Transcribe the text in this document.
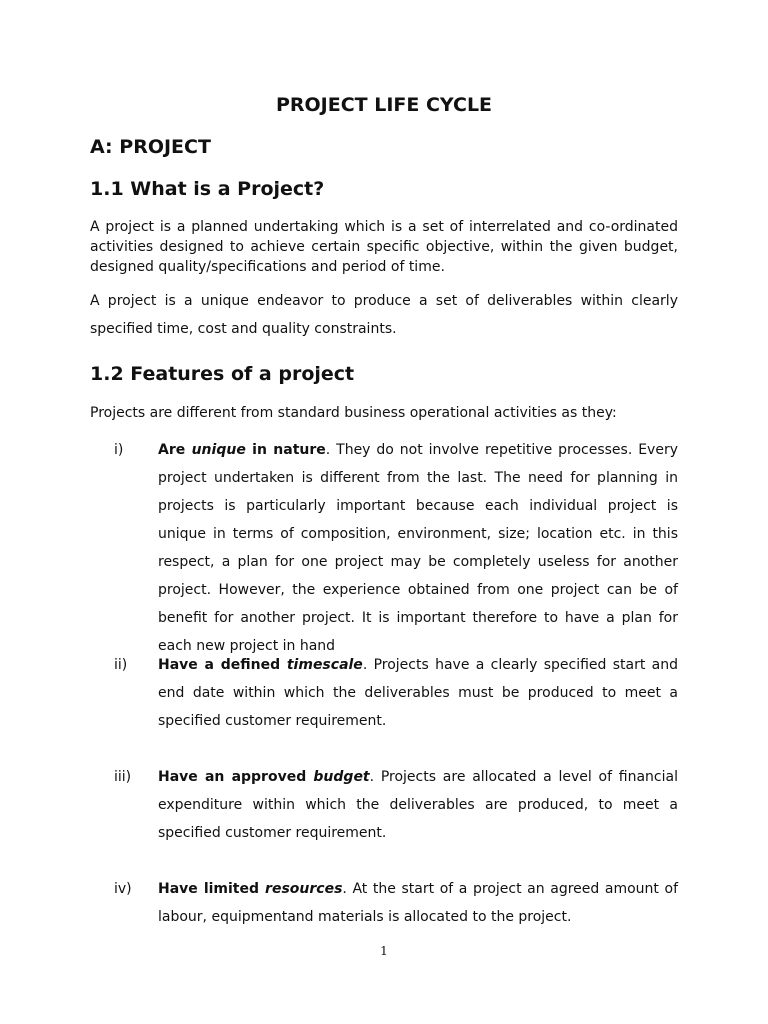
PROJECT LIFE CYCLE
A: PROJECT
1.1 What is a Project?

A project is a planned undertaking which is a set of interrelated and co-ordinated activities designed to achieve certain specific objective, within the given budget, designed quality/specifications and period of time.

A project is a unique endeavor to produce a set of deliverables within clearly specified time, cost and quality constraints.

1.2 Features of a project

Projects are different from standard business operational activities as they:

i) Are unique in nature. They do not involve repetitive processes. Every project undertaken is different from the last. The need for planning in projects is particularly important because each individual project is unique in terms of composition, environment, size; location etc. in this respect, a plan for one project may be completely useless for another project. However, the experience obtained from one project can be of benefit for another project. It is important therefore to have a plan for each new project in hand

ii) Have a defined timescale. Projects have a clearly specified start and end date within which the deliverables must be produced to meet a specified customer requirement.

iii) Have an approved budget. Projects are allocated a level of financial expenditure within which the deliverables are produced, to meet a specified customer requirement.

iv) Have limited resources. At the start of a project an agreed amount of labour, equipmentand materials is allocated to the project.

1
